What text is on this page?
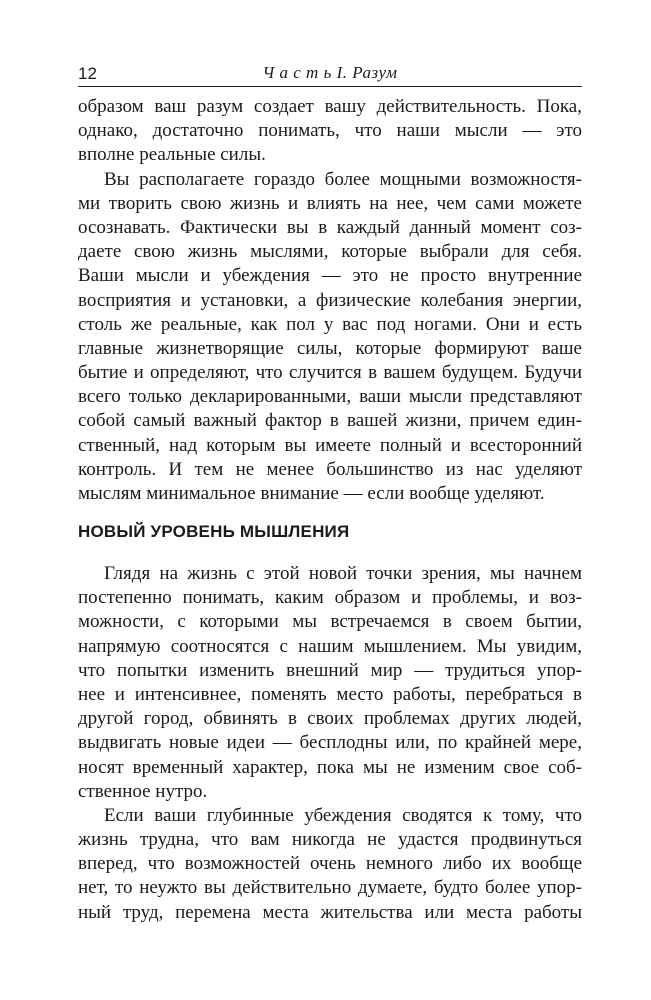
12	Ч а с т ь I. Разум
образом ваш разум создает вашу действительность. Пока,
однако, достаточно понимать, что наши мысли — это
вполне реальные силы.
Вы располагаете гораздо более мощными возможностя-
ми творить свою жизнь и влиять на нее, чем сами можете
осознавать. Фактически вы в каждый данный момент соз-
даете свою жизнь мыслями, которые выбрали для себя.
Ваши мысли и убеждения — это не просто внутренние
восприятия и установки, а физические колебания энергии,
столь же реальные, как пол у вас под ногами. Они и есть
главные жизнетворящие силы, которые формируют ваше
бытие и определяют, что случится в вашем будущем. Будучи
всего только декларированными, ваши мысли представляют
собой самый важный фактор в вашей жизни, причем един-
ственный, над которым вы имеете полный и всесторонний
контроль. И тем не менее большинство из нас уделяют
мыслям минимальное внимание — если вообще уделяют.
НОВЫЙ УРОВЕНЬ МЫШЛЕНИЯ
Глядя на жизнь с этой новой точки зрения, мы начнем
постепенно понимать, каким образом и проблемы, и воз-
можности, с которыми мы встречаемся в своем бытии,
напрямую соотносятся с нашим мышлением. Мы увидим,
что попытки изменить внешний мир — трудиться упор-
нее и интенсивнее, поменять место работы, перебраться в
другой город, обвинять в своих проблемах других людей,
выдвигать новые идеи — бесплодны или, по крайней мере,
носят временный характер, пока мы не изменим свое соб-
ственное нутро.
Если ваши глубинные убеждения сводятся к тому, что
жизнь трудна, что вам никогда не удастся продвинуться
вперед, что возможностей очень немного либо их вообще
нет, то неужто вы действительно думаете, будто более упор-
ный труд, перемена места жительства или места работы
